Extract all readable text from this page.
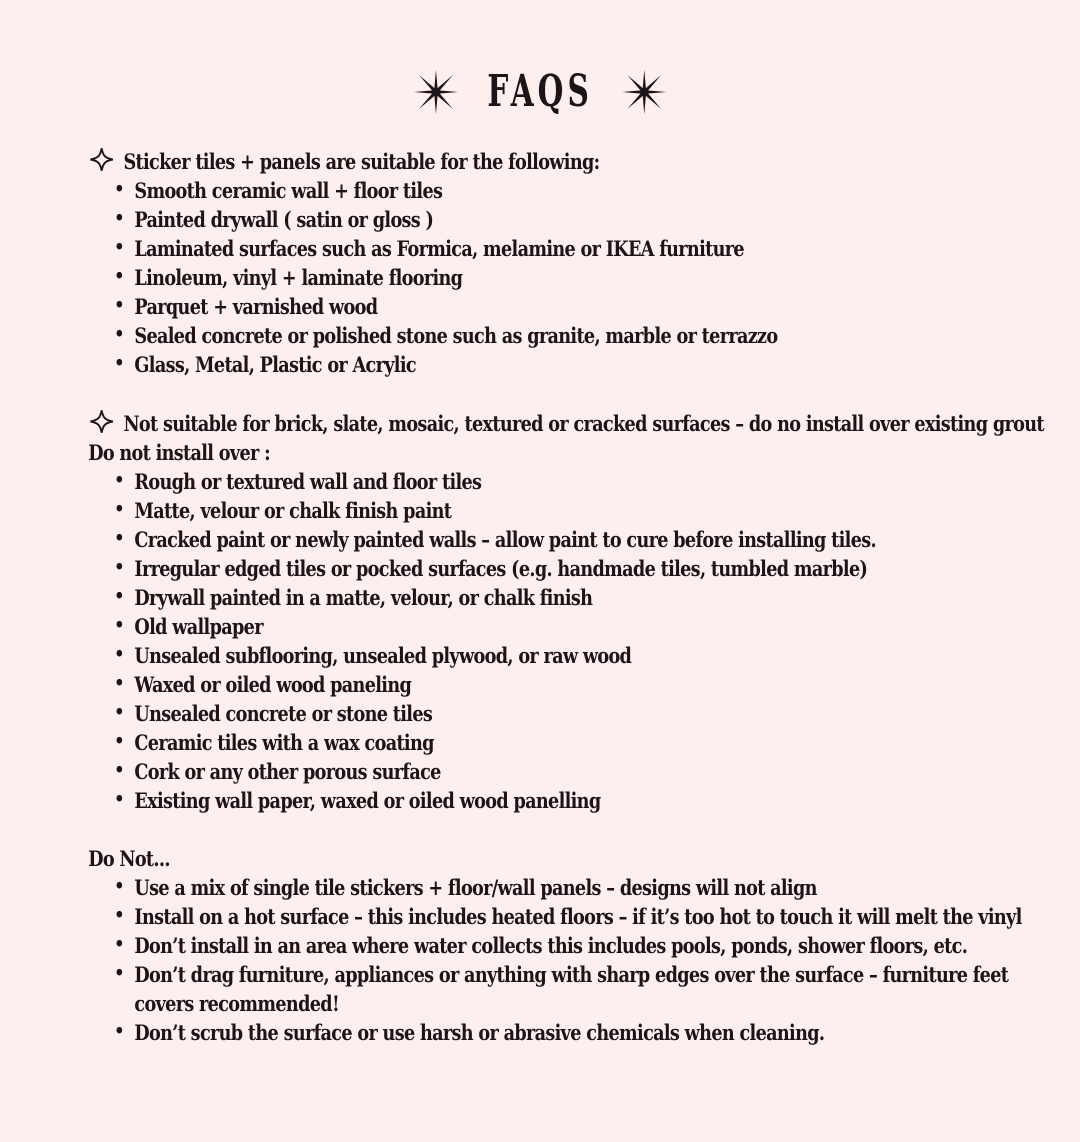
FAQS
Sticker tiles + panels are suitable for the following:
• Smooth ceramic wall + floor tiles
• Painted drywall ( satin or gloss )
• Laminated surfaces such as Formica, melamine or IKEA furniture
• Linoleum, vinyl + laminate flooring
• Parquet + varnished wood
• Sealed concrete or polished stone such as granite, marble or terrazzo
• Glass, Metal, Plastic or Acrylic
Not suitable for brick, slate, mosaic, textured or cracked surfaces – do no install over existing grout
Do not install over :
• Rough or textured wall and floor tiles
• Matte, velour or chalk finish paint
• Cracked paint or newly painted walls – allow paint to cure before installing tiles.
• Irregular edged tiles or pocked surfaces (e.g. handmade tiles, tumbled marble)
• Drywall painted in a matte, velour, or chalk finish
• Old wallpaper
• Unsealed subflooring, unsealed plywood, or raw wood
• Waxed or oiled wood paneling
• Unsealed concrete or stone tiles
• Ceramic tiles with a wax coating
• Cork or any other porous surface
• Existing wall paper, waxed or oiled wood panelling
Do Not...
• Use a mix of single tile stickers + floor/wall panels – designs will not align
• Install on a hot surface – this includes heated floors – if it’s too hot to touch it will melt the vinyl
• Don’t install in an area where water collects this includes pools, ponds, shower floors, etc.
• Don’t drag furniture, appliances or anything with sharp edges over the surface – furniture feet covers recommended!
• Don’t scrub the surface or use harsh or abrasive chemicals when cleaning.
